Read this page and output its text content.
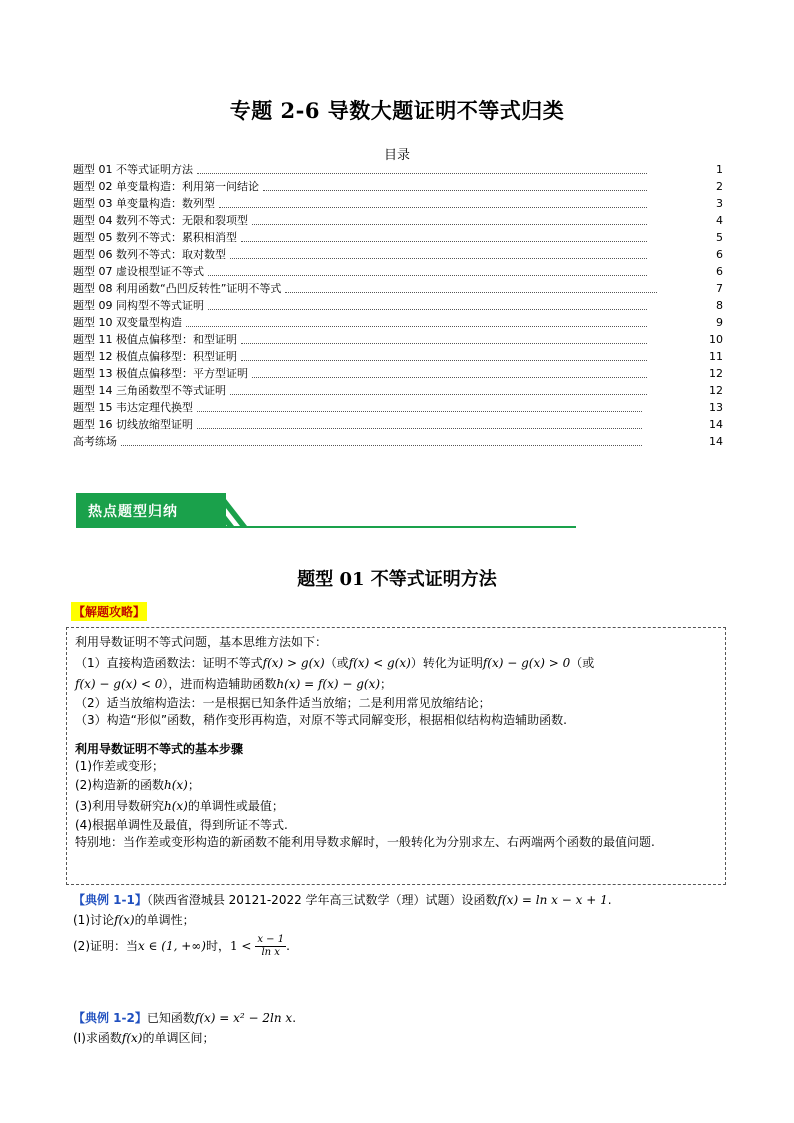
专题 2-6 导数大题证明不等式归类
目录
题型 01 不等式证明方法	1
题型 02 单变量构造：利用第一问结论	2
题型 03 单变量构造：数列型	3
题型 04 数列不等式：无限和裂项型	4
题型 05 数列不等式：累积相消型	5
题型 06 数列不等式：取对数型	6
题型 07 虚设根型证不等式	6
题型 08 利用函数“凸凹反转性”证明不等式	7
题型 09 同构型不等式证明	8
题型 10 双变量型构造	9
题型 11 极值点偏移型：和型证明	10
题型 12 极值点偏移型：积型证明	11
题型 13 极值点偏移型：平方型证明	12
题型 14 三角函数型不等式证明	12
题型 15 韦达定理代换型	13
题型 16 切线放缩型证明	14
高考练场	14
热点题型归纳
题型 01 不等式证明方法
【解题攻略】

利用导数证明不等式问题，基本思维方法如下：

（1）直接构造函数法：证明不等式f(x) > g(x)（或f(x) < g(x)）转化为证明f(x) − g(x) > 0（或

f(x) − g(x) < 0），进而构造辅助函数h(x) = f(x) − g(x)；

（2）适当放缩构造法：一是根据已知条件适当放缩；二是利用常见放缩结论；

（3）构造“形似”函数，稍作变形再构造，对原不等式同解变形，根据相似结构构造辅助函数.

利用导数证明不等式的基本步骤

(1)作差或变形；

(2)构造新的函数h(x)；

(3)利用导数研究h(x)的单调性或最值；

(4)根据单调性及最值，得到所证不等式.

特别地：当作差或变形构造的新函数不能利用导数求解时，一般转化为分别求左、右两端两个函数的最值问题.

【典例 1-1】（陕西省澄城县 20121-2022 学年高三试数学（理）试题）设函数f(x) = ln x − x + 1.
(1)讨论f(x)的单调性；
(2)证明：当x ∈ (1, +∞)时，$1 < \frac{x - 1}{\text{ln x}}$ .
【典例 1-2】已知函数f(x) = x² − 2ln x.
(Ⅰ)求函数f(x)的单调区间；
